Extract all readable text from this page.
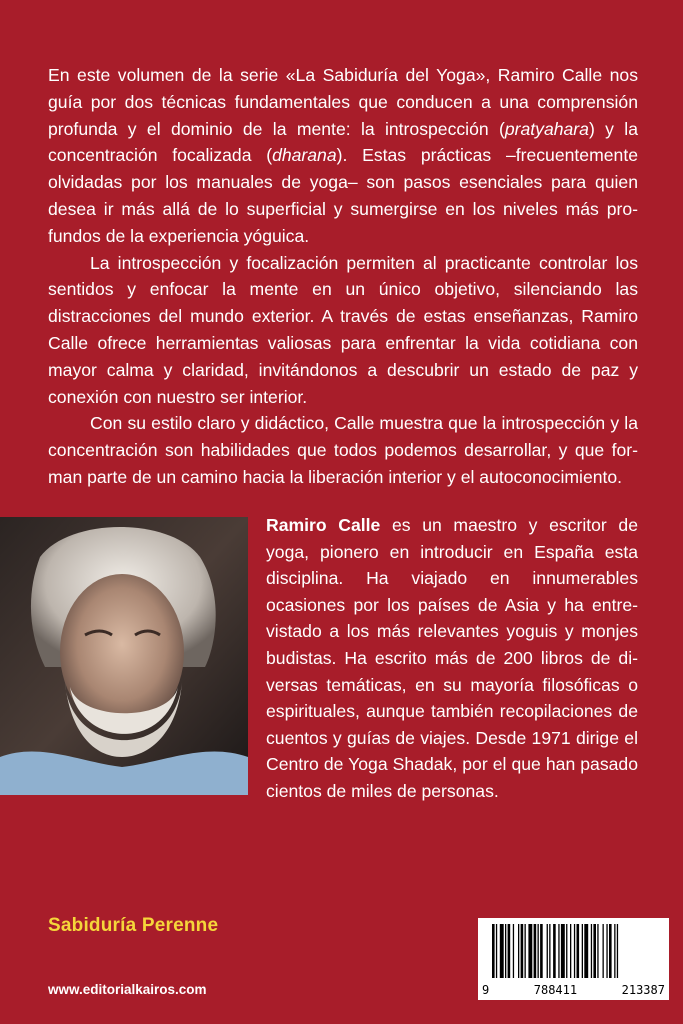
En este volumen de la serie «La Sabiduría del Yoga», Ramiro Calle nos guía por dos técnicas fundamentales que conducen a una comprensión profunda y el dominio de la mente: la introspección (pratyahara) y la concentración focalizada (dharana). Estas prácticas –frecuentemente olvidadas por los manuales de yoga– son pasos esenciales para quien desea ir más allá de lo superficial y sumergirse en los niveles más profundos de la experiencia yóguica.

La introspección y focalización permiten al practicante controlar los sentidos y enfocar la mente en un único objetivo, silenciando las distracciones del mundo exterior. A través de estas enseñanzas, Ramiro Calle ofrece herramientas valiosas para enfrentar la vida cotidiana con mayor calma y claridad, invitándonos a descubrir un estado de paz y conexión con nuestro ser interior.

Con su estilo claro y didáctico, Calle muestra que la introspección y la concentración son habilidades que todos podemos desarrollar, y que forman parte de un camino hacia la liberación interior y el autoconocimiento.

Ramiro Calle es un maestro y escritor de yoga, pionero en introducir en España esta disciplina. Ha viajado en innumerables ocasiones por los países de Asia y ha entrevistado a los más relevantes yoguis y monjes budistas. Ha escrito más de 200 libros de diversas temáticas, en su mayoría filosóficas o espirituales, aunque también recopilaciones de cuentos y guías de viajes. Desde 1971 dirige el Centro de Yoga Shadak, por el que han pasado cientos de miles de personas.

Sabiduría Perenne
www.editorialkairos.com	9	788411	213387
